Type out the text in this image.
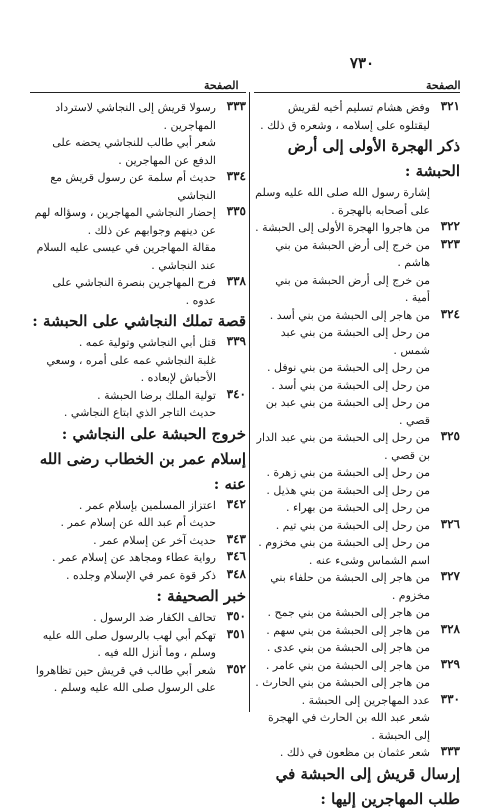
٧٣٠
الصفحة
الصفحة
٣٢١
وفض هشام تسليم أخيه لقريش ليقتلوه على إسلامه ، وشعره ق ذلك .
ذكر الهجرة الأولى إلى أرض الحبشة :
إشارة رسول الله صلى الله عليه وسلم على أصحابه بالهجرة .
٣٢٢
من هاجروا الهجرة الأولى إلى الحبشة .
٣٢٣
من خرج إلى أرض الحبشة من بني هاشم .
من خرج إلى أرض الحبشة من بني أمية .
٣٢٤
من هاجر إلى الحبشة من بني أسد .
من رحل إلى الحبشة من بني عبد شمس .
من رحل إلى الحبشة من بني نوفل .
من رحل إلى الحبشة من بني أسد .
من رحل إلى الحبشة من بني عبد بن قصي .
٣٢٥
من رحل إلى الحبشة من بني عبد الدار بن قصي .
من رحل إلى الحبشة من بني زهرة .
من رحل إلى الحبشة من بني هذيل .
من رحل إلى الحبشة من بهراء .
٣٢٦
من رحل إلى الحبشة من بني تيم .
من رحل إلى الحبشة من بني مخزوم .
اسم الشماس وشىء عنه .
٣٢٧
من هاجر إلى الحبشة من حلفاء بني مخزوم .
من هاجر إلى الحبشة من بني جمح .
٣٢٨
من هاجر إلى الحبشة من بني سهم .
من هاجر إلى الحبشة من بني عدى .
٣٢٩
من هاجر إلى الحبشة من بني عامر .
من هاجر إلى الحبشة من بني الحارث .
٣٣٠
عدد المهاجرين إلى الحبشة .
شعر عبد الله بن الحارث في الهجرة إلى الحبشة .
٣٣٣
شعر عثمان بن مظعون في ذلك .
إرسال قريش إلى الحبشة في طلب المهاجرين إليها :
٣٣٣
رسولا قريش إلى النجاشي لاسترداد المهاجرين .
شعر أبي طالب للنجاشي يحضه على الدفع عن المهاجرين .
٣٣٤
حديث أم سلمة عن رسول قريش مع النجاشي
٣٣٥
إحضار النجاشي المهاجرين ، وسؤاله لهم عن دينهم وجوابهم عن ذلك .
مقالة المهاجرين في عيسى عليه السلام عند النجاشي .
٣٣٨
فرح المهاجرين بنصرة النجاشي على عدوه .
قصة تملك النجاشي على الحبشة :
٣٣٩
قتل أبي النجاشي وتولية عمه .
غلبة النجاشي عمه على أمره ، وسعي الأحباش لإبعاده .
٣٤٠
تولية الملك برضا الحبشة .
حديث التاجر الذي ابتاع النجاشي .
خروج الحبشة على النجاشي :
إسلام عمر بن الخطاب رضى الله عنه :
٣٤٢
اعتزاز المسلمين بإسلام عمر .
حديث أم عبد الله عن إسلام عمر .
٣٤٣
حديث آخر عن إسلام عمر .
٣٤٦
رواية عطاء ومجاهد عن إسلام عمر .
٣٤٨
ذكر قوة عمر في الإسلام وجلده .
خبر الصحيفة :
٣٥٠
تحالف الكفار ضد الرسول .
٣٥١
تهكم أبي لهب بالرسول صلى الله عليه وسلم ، وما أنزل الله فيه .
٣٥٢
شعر أبي طالب في قريش حين تظاهروا على الرسول صلى الله عليه وسلم .
